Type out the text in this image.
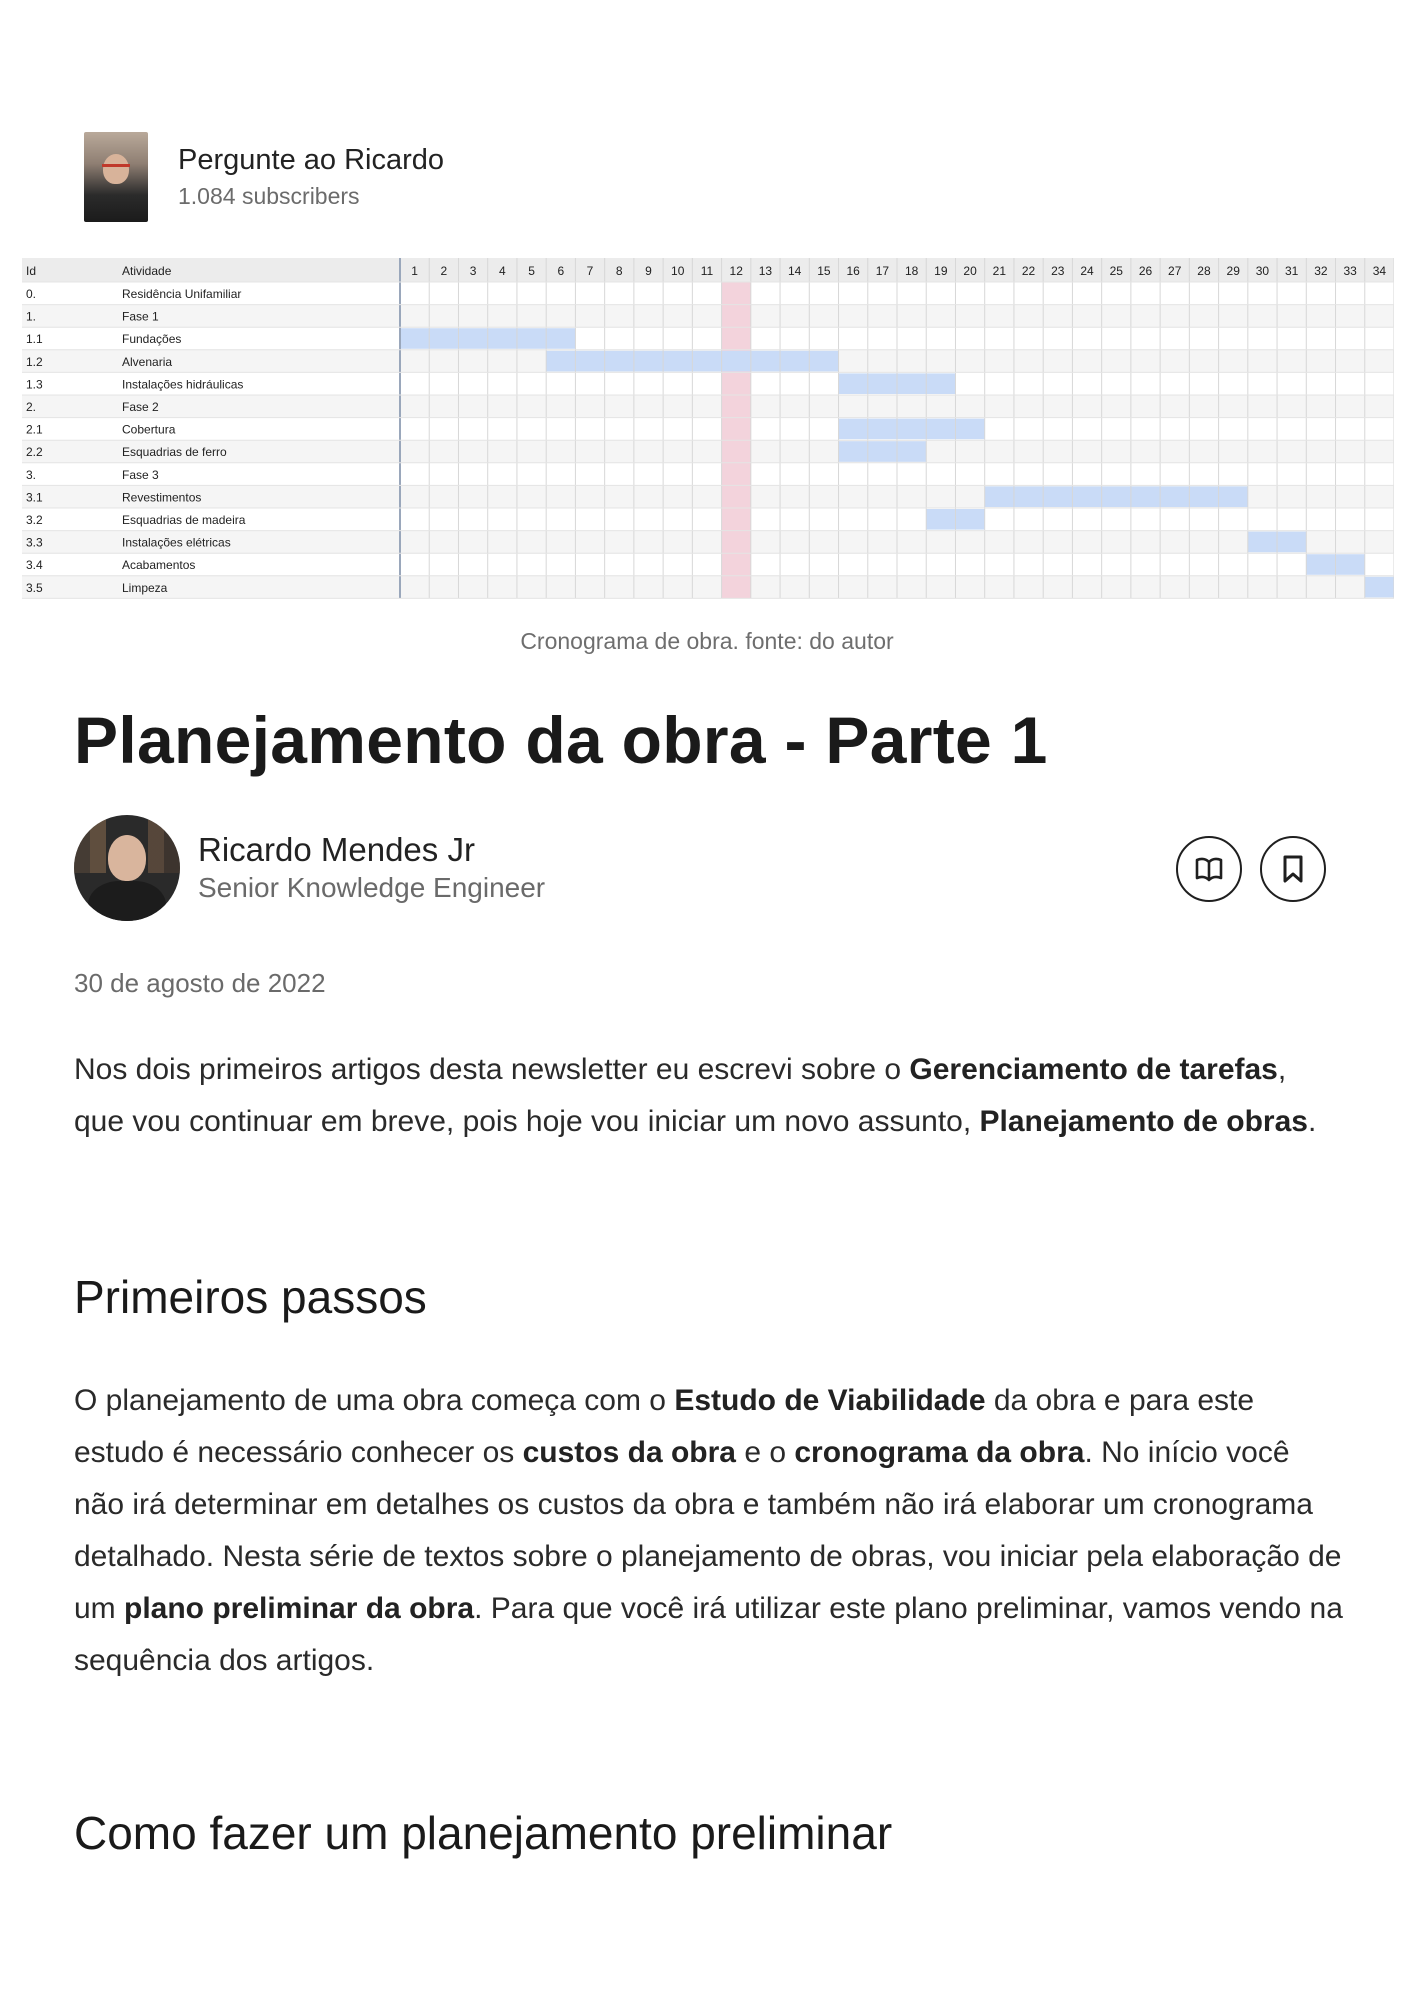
Pergunte ao Ricardo
1.084 subscribers
Id	Atividade	1 2 3 4 5 6 7 8 9 10 11 12 13 14 15 16 17 18 19 20 21 22 23 24 25 26 27 28 29 30 31 32 33 34
0.	Residência Unifamiliar
1.	Fase 1
1.1	Fundações
1.2	Alvenaria
1.3	Instalações hidráulicas
2.	Fase 2
2.1	Cobertura
2.2	Esquadrias de ferro
3.	Fase 3
3.1	Revestimentos
3.2	Esquadrias de madeira
3.3	Instalações elétricas
3.4	Acabamentos
3.5	Limpeza
Cronograma de obra. fonte: do autor
Planejamento da obra - Parte 1
Ricardo Mendes Jr
Senior Knowledge Engineer
30 de agosto de 2022

Nos dois primeiros artigos desta newsletter eu escrevi sobre o Gerenciamento de tarefas, que vou continuar em breve, pois hoje vou iniciar um novo assunto, Planejamento de obras.

Primeiros passos

O planejamento de uma obra começa com o Estudo de Viabilidade da obra e para este estudo é necessário conhecer os custos da obra e o cronograma da obra. No início você não irá determinar em detalhes os custos da obra e também não irá elaborar um cronograma detalhado. Nesta série de textos sobre o planejamento de obras, vou iniciar pela elaboração de um plano preliminar da obra. Para que você irá utilizar este plano preliminar, vamos vendo na sequência dos artigos.

Como fazer um planejamento preliminar
